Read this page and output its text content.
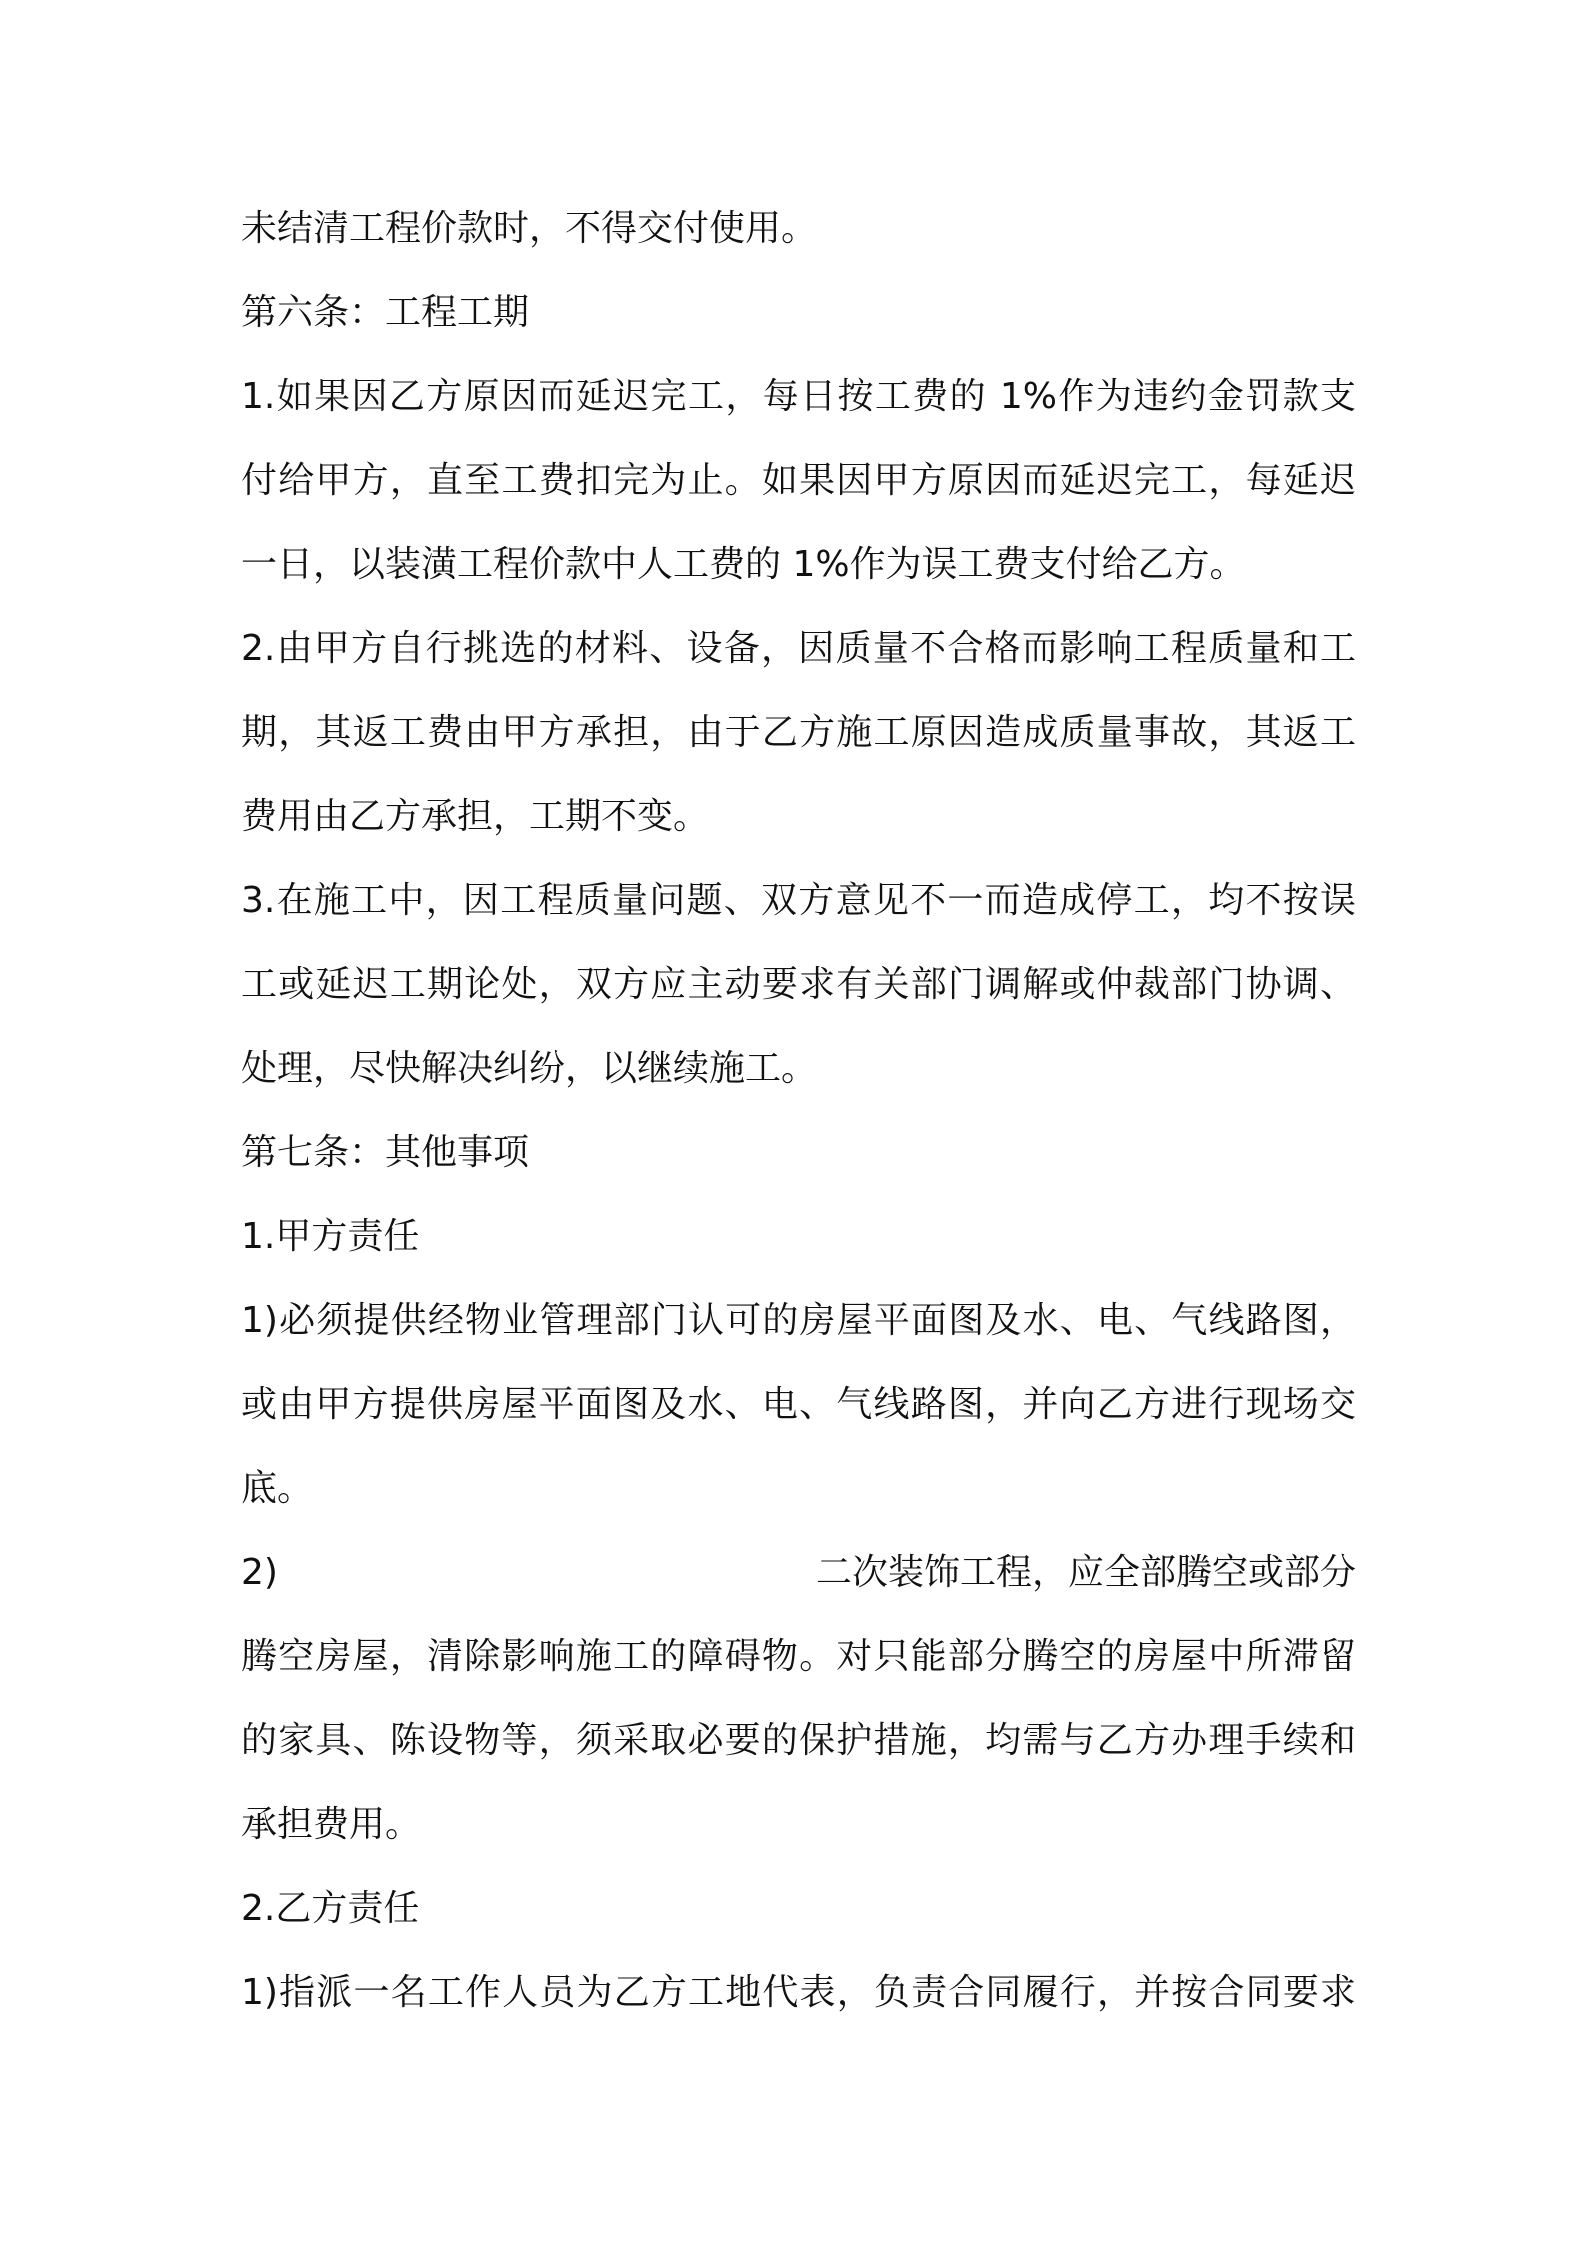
未结清工程价款时，不得交付使用。
第六条：工程工期
1.如果因乙方原因而延迟完工，每日按工费的 1%作为违约金罚款支
付给甲方，直至工费扣完为止。如果因甲方原因而延迟完工，每延迟
一日，以装潢工程价款中人工费的 1%作为误工费支付给乙方。
2.由甲方自行挑选的材料、设备，因质量不合格而影响工程质量和工
期，其返工费由甲方承担，由于乙方施工原因造成质量事故，其返工
费用由乙方承担，工期不变。
3.在施工中，因工程质量问题、双方意见不一而造成停工，均不按误
工或延迟工期论处，双方应主动要求有关部门调解或仲裁部门协调、
处理，尽快解决纠纷，以继续施工。
第七条：其他事项
1.甲方责任
1)必须提供经物业管理部门认可的房屋平面图及水、电、气线路图，
或由甲方提供房屋平面图及水、电、气线路图，并向乙方进行现场交
底。
2)	二次装饰工程，应全部腾空或部分
腾空房屋，清除影响施工的障碍物。对只能部分腾空的房屋中所滞留
的家具、陈设物等，须采取必要的保护措施，均需与乙方办理手续和
承担费用。
2.乙方责任
1)指派一名工作人员为乙方工地代表，负责合同履行，并按合同要求
